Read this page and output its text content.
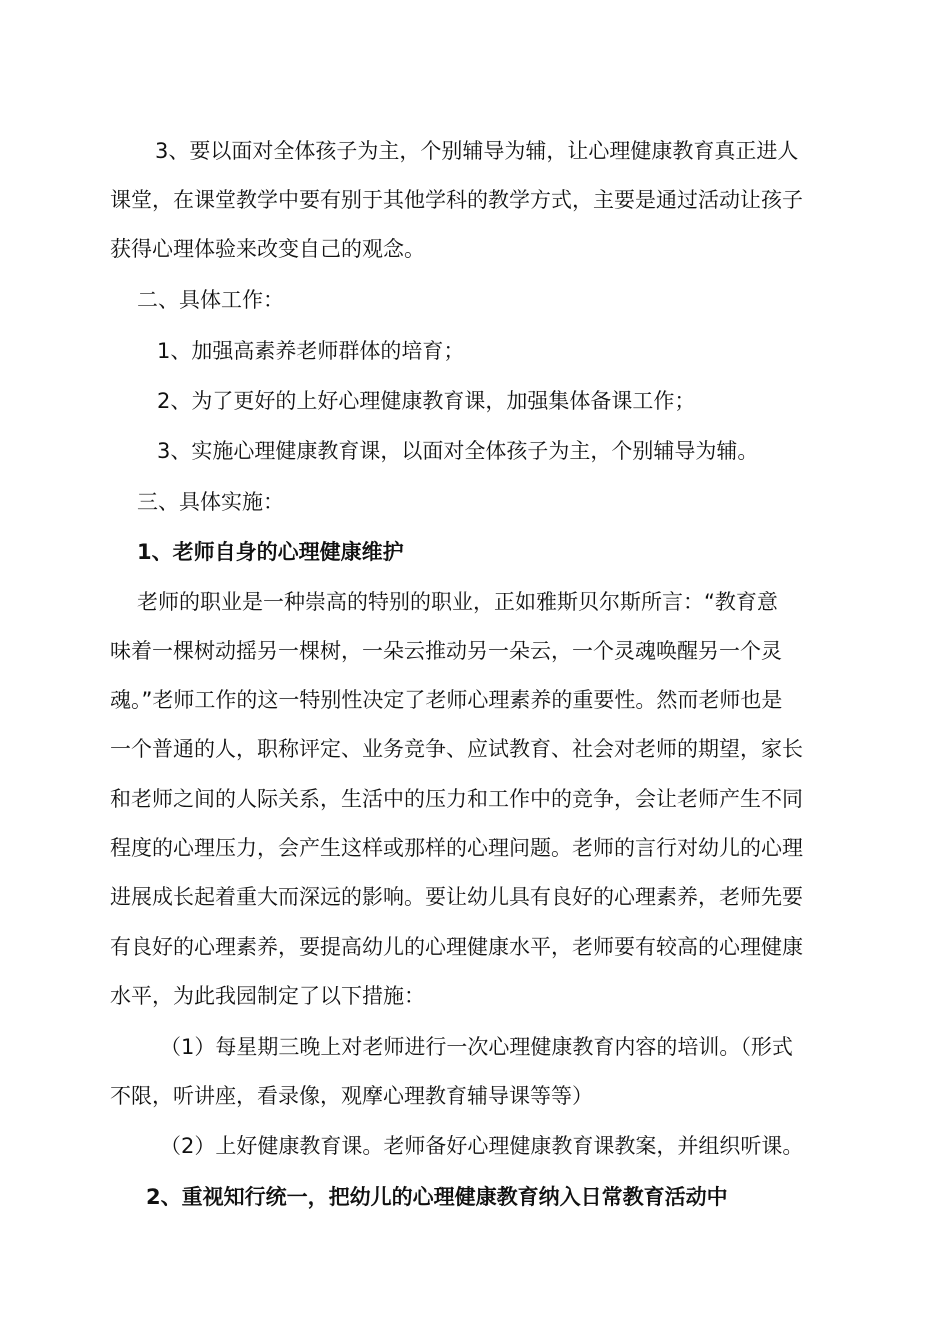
3、要以面对全体孩子为主，个别辅导为辅，让心理健康教育真正进人
课堂，在课堂教学中要有别于其他学科的教学方式，主要是通过活动让孩子
获得心理体验来改变自己的观念。
二、具体工作：
1、加强高素养老师群体的培育；
2、为了更好的上好心理健康教育课，加强集体备课工作；
3、实施心理健康教育课，以面对全体孩子为主，个别辅导为辅。
三、具体实施：
1、老师自身的心理健康维护
老师的职业是一种崇高的特别的职业，正如雅斯贝尔斯所言：“教育意
味着一棵树动摇另一棵树，一朵云推动另一朵云，一个灵魂唤醒另一个灵
魂。”老师工作的这一特别性决定了老师心理素养的重要性。然而老师也是
一个普通的人，职称评定、业务竞争、应试教育、社会对老师的期望，家长
和老师之间的人际关系，生活中的压力和工作中的竞争，会让老师产生不同
程度的心理压力，会产生这样或那样的心理问题。老师的言行对幼儿的心理
进展成长起着重大而深远的影响。要让幼儿具有良好的心理素养，老师先要
有良好的心理素养，要提高幼儿的心理健康水平，老师要有较高的心理健康
水平，为此我园制定了以下措施：
（1）每星期三晚上对老师进行一次心理健康教育内容的培训。（形式
不限，听讲座，看录像，观摩心理教育辅导课等等）
（2）上好健康教育课。老师备好心理健康教育课教案，并组织听课。
2、重视知行统一，把幼儿的心理健康教育纳入日常教育活动中
